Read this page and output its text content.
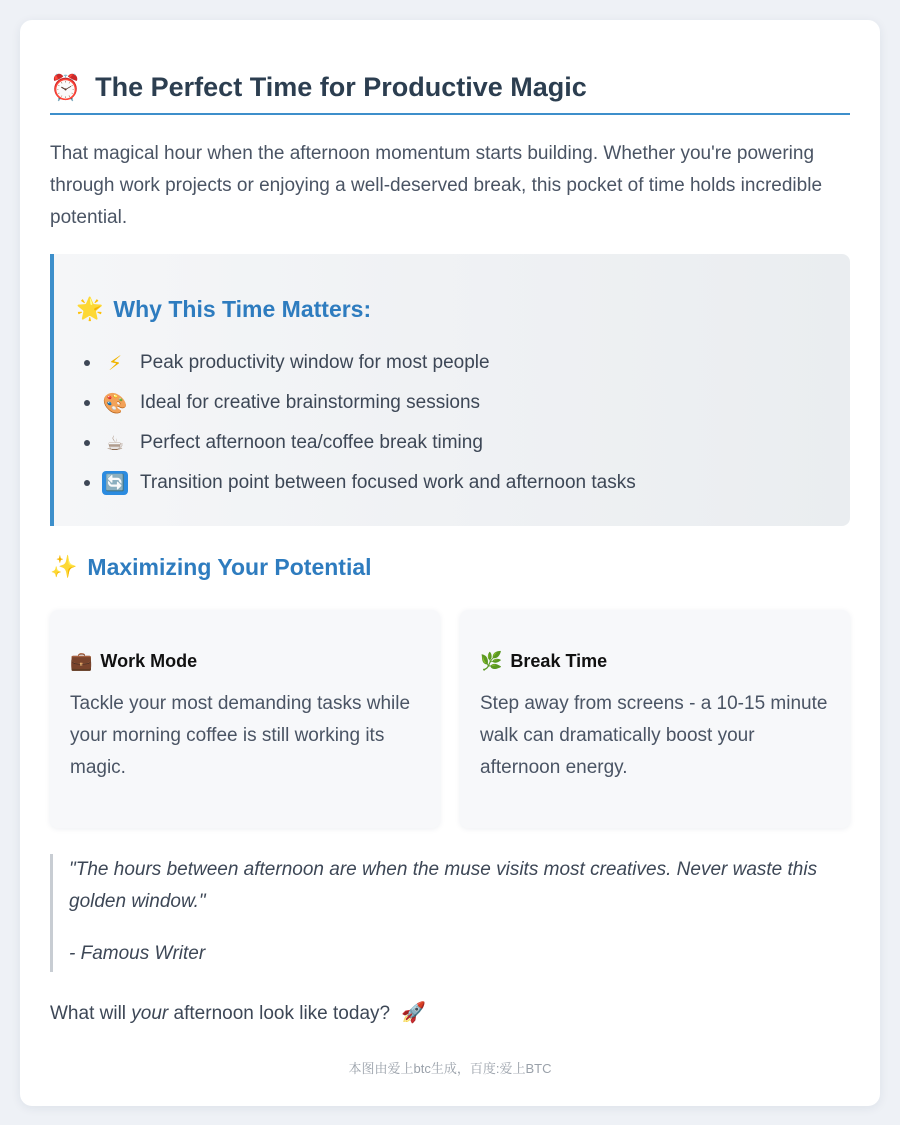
⏰ The Perfect Time for Productive Magic

That magical hour when the afternoon momentum starts building. Whether you're powering through work projects or enjoying a well-deserved break, this pocket of time holds incredible potential.

🌟 Why This Time Matters:
⚡ Peak productivity window for most people
🎨 Ideal for creative brainstorming sessions
☕ Perfect afternoon tea/coffee break timing
🔄 Transition point between focused work and afternoon tasks
✨ Maximizing Your Potential
💼 Work Mode

Tackle your most demanding tasks while your morning coffee is still working its magic.

🌿 Break Time

Step away from screens - a 10-15 minute walk can dramatically boost your afternoon energy.

"The hours between afternoon are when the muse visits most creatives. Never waste this golden window."

- Famous Writer

What will your afternoon look like today? 🚀

本图由爱上btc生成，百度:爱上BTC
